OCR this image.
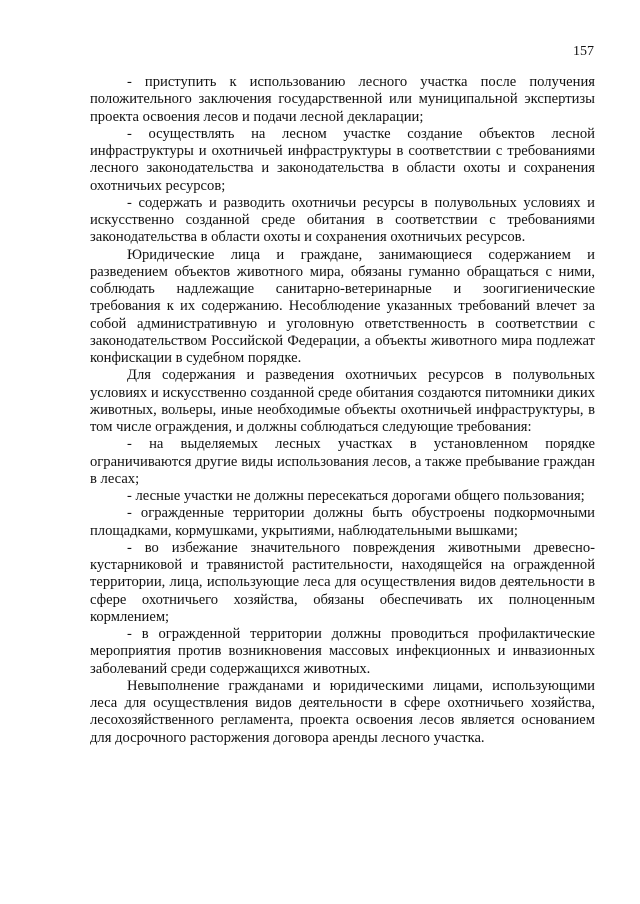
157

- приступить к использованию лесного участка после получения положительного заключения государственной или муниципальной экспертизы проекта освоения лесов и подачи лесной декларации;

- осуществлять на лесном участке создание объектов лесной инфраструктуры и охотничьей инфраструктуры в соответствии с требованиями лесного законодательства и законодательства в области охоты и сохранения охотничьих ресурсов;

- содержать и разводить охотничьи ресурсы в полувольных условиях и искусственно созданной среде обитания в соответствии с требованиями законодательства в области охоты и сохранения охотничьих ресурсов.

Юридические лица и граждане, занимающиеся содержанием и разведением объектов животного мира, обязаны гуманно обращаться с ними, соблюдать надлежащие санитарно-ветеринарные и зоогигиенические требования к их содержанию. Несоблюдение указанных требований влечет за собой административную и уголовную ответственность в соответствии с законодательством Российской Федерации, а объекты животного мира подлежат конфискации в судебном порядке.

Для содержания и разведения охотничьих ресурсов в полувольных условиях и искусственно созданной среде обитания создаются питомники диких животных, вольеры, иные необходимые объекты охотничьей инфраструктуры, в том числе ограждения, и должны соблюдаться следующие требования:

- на выделяемых лесных участках в установленном порядке ограничиваются другие виды использования лесов, а также пребывание граждан в лесах;

- лесные участки не должны пересекаться дорогами общего пользования;

- огражденные территории должны быть обустроены подкормочными площадками, кормушками, укрытиями, наблюдательными вышками;

- во избежание значительного повреждения животными древесно-кустарниковой и травянистой растительности, находящейся на огражденной территории, лица, использующие леса для осуществления видов деятельности в сфере охотничьего хозяйства, обязаны обеспечивать их полноценным кормлением;

- в огражденной территории должны проводиться профилактические мероприятия против возникновения массовых инфекционных и инвазионных заболеваний среди содержащихся животных.

Невыполнение гражданами и юридическими лицами, использующими леса для осуществления видов деятельности в сфере охотничьего хозяйства, лесохозяйственного регламента, проекта освоения лесов является основанием для досрочного расторжения договора аренды лесного участка.
